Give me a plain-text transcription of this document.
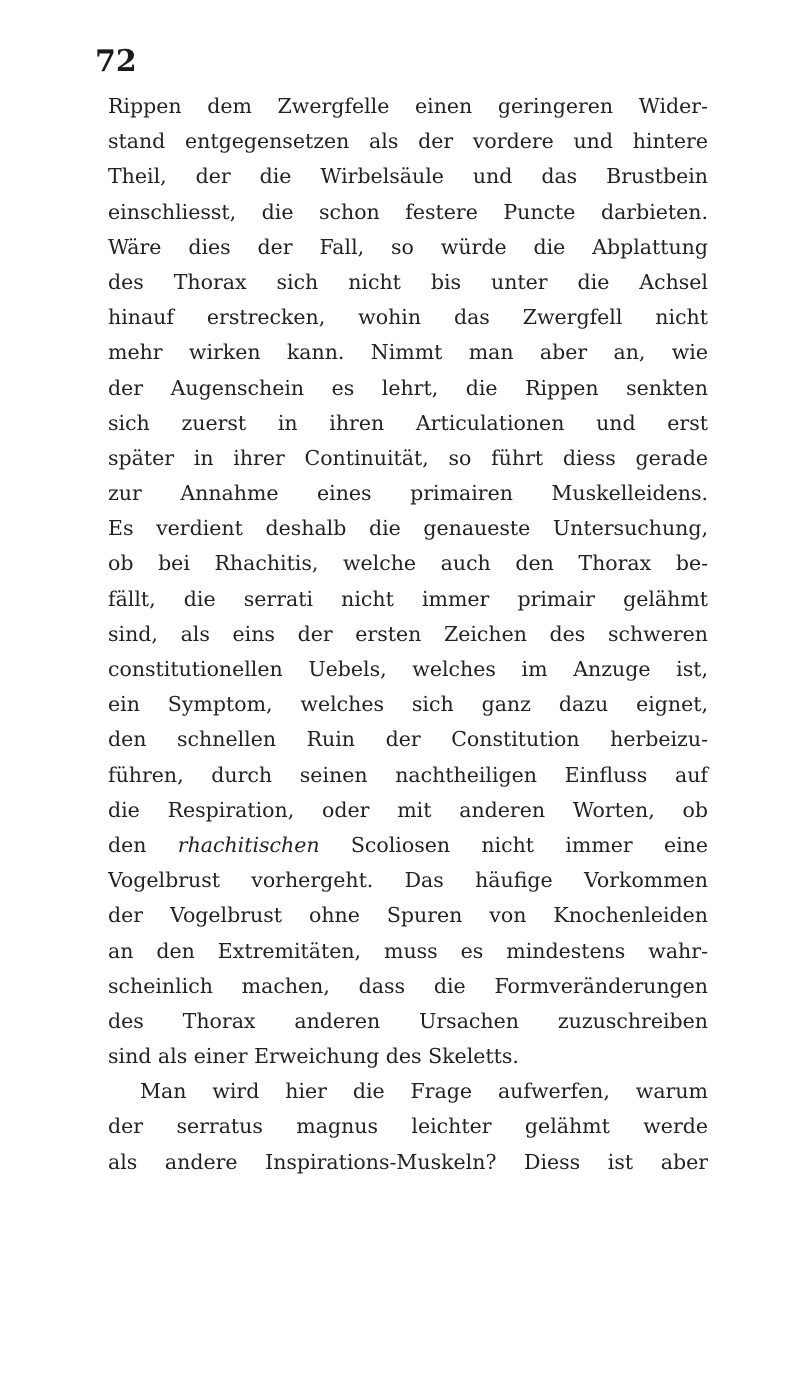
72
Rippen dem Zwergfelle einen geringeren Wider-
stand entgegensetzen als der vordere und hintere
Theil, der die Wirbelsäule und das Brustbein
einschliesst, die schon festere Puncte darbieten.
Wäre dies der Fall, so würde die Abplattung
des Thorax sich nicht bis unter die Achsel
hinauf erstrecken, wohin das Zwergfell nicht
mehr wirken kann. Nimmt man aber an, wie
der Augenschein es lehrt, die Rippen senkten
sich zuerst in ihren Articulationen und erst
später in ihrer Continuität, so führt diess gerade
zur Annahme eines primairen Muskelleidens.
Es verdient deshalb die genaueste Untersuchung,
ob bei Rhachitis, welche auch den Thorax be-
fällt, die serrati nicht immer primair gelähmt
sind, als eins der ersten Zeichen des schweren
constitutionellen Uebels, welches im Anzuge ist,
ein Symptom, welches sich ganz dazu eignet,
den schnellen Ruin der Constitution herbeizu-
führen, durch seinen nachtheiligen Einfluss auf
die Respiration, oder mit anderen Worten, ob
den rhachitischen Scoliosen nicht immer eine
Vogelbrust vorhergeht. Das häufige Vorkommen
der Vogelbrust ohne Spuren von Knochenleiden
an den Extremitäten, muss es mindestens wahr-
scheinlich machen, dass die Formveränderungen
des Thorax anderen Ursachen zuzuschreiben
sind als einer Erweichung des Skeletts.
Man wird hier die Frage aufwerfen, warum
der serratus magnus leichter gelähmt werde
als andere Inspirations-Muskeln? Diess ist aber
